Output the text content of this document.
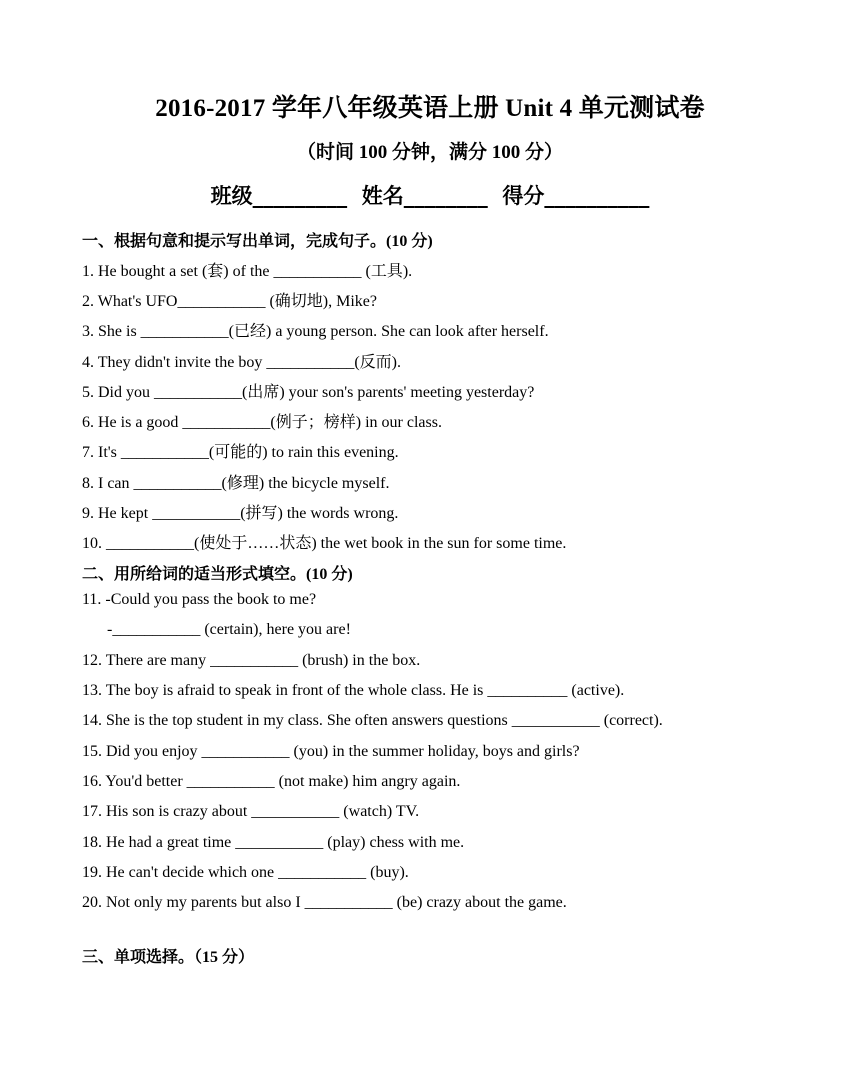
2016-2017 学年八年级英语上册 Unit 4 单元测试卷
（时间 100 分钟，满分 100 分）
班级_________ 姓名________ 得分__________
一、根据句意和提示写出单词，完成句子。(10 分)
1. He bought a set (套) of the ___________ (工具).
2. What's UFO___________ (确切地), Mike?
3. She is ___________(已经) a young person. She can look after herself.
4. They didn't invite the boy ___________(反而).
5. Did you ___________(出席) your son's parents' meeting yesterday?
6. He is a good ___________(例子；榜样) in our class.
7. It's ___________(可能的) to rain this evening.
8. I can ___________(修理) the bicycle myself.
9. He kept ___________(拼写) the words wrong.
10. ___________(使处于……状态) the wet book in the sun for some time.
二、用所给词的适当形式填空。(10 分)
11. -Could you pass the book to me?
-___________ (certain), here you are!
12. There are many ___________ (brush) in the box.
13. The boy is afraid to speak in front of the whole class. He is __________ (active).
14. She is the top student in my class. She often answers questions ___________ (correct).
15. Did you enjoy ___________ (you) in the summer holiday, boys and girls?
16. You'd better ___________ (not make) him angry again.
17. His son is crazy about ___________ (watch) TV.
18. He had a great time ___________ (play) chess with me.
19. He can't decide which one ___________ (buy).
20. Not only my parents but also I ___________ (be) crazy about the game.
三、单项选择。（15 分）
